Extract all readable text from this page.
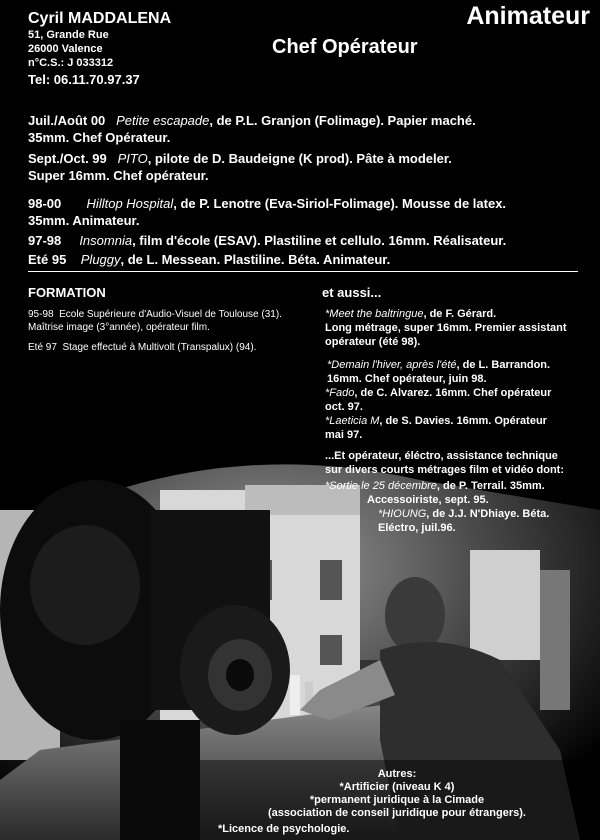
Cyril MADDALENA
51, Grande Rue
26000 Valence
n°C.S.: J 033312
Tel: 06.11.70.97.37
Animateur
Chef Opérateur
Juil./Août 00 Petite escapade, de P.L. Granjon (Folimage). Papier maché.
35mm. Chef Opérateur.
Sept./Oct. 99 PITO, pilote de D. Baudeigne (K prod). Pâte à modeler.
Super 16mm. Chef opérateur.
98-00 Hilltop Hospital, de P. Lenotre (Eva-Siriol-Folimage). Mousse de latex.
35mm. Animateur.
97-98 Insomnia, film d'école (ESAV). Plastiline et cellulo. 16mm. Réalisateur.
Eté 95 Pluggy, de L. Messean. Plastiline. Béta. Animateur.
FORMATION
95-98 Ecole Supérieure d'Audio-Visuel de Toulouse (31).
Maîtrise image (3°année), opérateur film.
Eté 97 Stage effectué à Multivolt (Transpalux) (94).
et aussi...
*Meet the baltringue, de F. Gérard.
Long métrage, super 16mm. Premier assistant
opérateur (été 98).
*Demain l'hiver, après l'été, de L. Barrandon.
16mm. Chef opérateur, juin 98.
*Fado, de C. Alvarez. 16mm. Chef opérateur
oct. 97.
*Laeticia M, de S. Davies. 16mm. Opérateur
mai 97.
...Et opérateur, éléctro, assistance technique
sur divers courts métrages film et vidéo dont:
*Sortie le 25 décembre, de P. Terrail. 35mm.
Accessoiriste, sept. 95.
*HIOUNG, de J.J. N'Dhiaye. Béta.
Eléctro, juil.96.
Autres:
*Artificier (niveau K 4)
*permanent juridique à la Cimade
(association de conseil juridique pour étrangers).
*Licence de psychologie.
